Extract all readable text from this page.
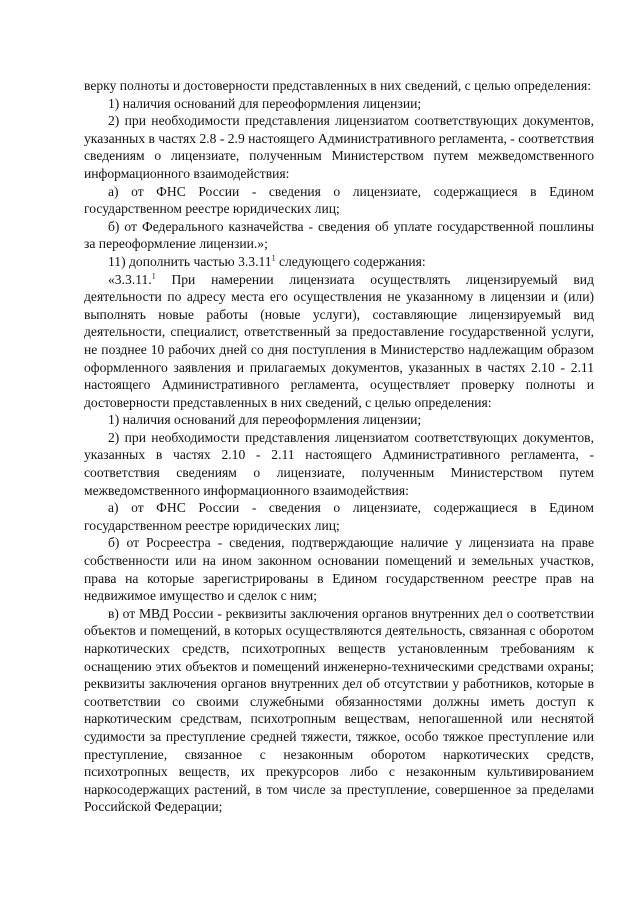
верку полноты и достоверности представленных в них сведений, с целью определения:

1) наличия оснований для переоформления лицензии;

2) при необходимости представления лицензиатом соответствующих документов, указанных в частях 2.8 - 2.9 настоящего Административного регламента, - соответствия сведениям о лицензиате, полученным Министерством путем межведомственного информационного взаимодействия:

а) от ФНС России - сведения о лицензиате, содержащиеся в Едином государственном реестре юридических лиц;

б) от Федерального казначейства - сведения об уплате государственной пошлины за переоформление лицензии.»;

11) дополнить частью 3.3.11$^1$ следующего содержания:

«3.3.11.$^1$ При намерении лицензиата осуществлять лицензируемый вид деятельности по адресу места его осуществления не указанному в лицензии и (или) выполнять новые работы (новые услуги), составляющие лицензируемый вид деятельности, специалист, ответственный за предоставление государственной услуги, не позднее 10 рабочих дней со дня поступления в Министерство надлежащим образом оформленного заявления и прилагаемых документов, указанных в частях 2.10 - 2.11 настоящего Административного регламента, осуществляет проверку полноты и достоверности представленных в них сведений, с целью определения:

1) наличия оснований для переоформления лицензии;

2) при необходимости представления лицензиатом соответствующих документов, указанных в частях 2.10 - 2.11 настоящего Административного регламента, - соответствия сведениям о лицензиате, полученным Министерством путем межведомственного информационного взаимодействия:

а) от ФНС России - сведения о лицензиате, содержащиеся в Едином государственном реестре юридических лиц;

б) от Росреестра - сведения, подтверждающие наличие у лицензиата на праве собственности или на ином законном основании помещений и земельных участков, права на которые зарегистрированы в Едином государственном реестре прав на недвижимое имущество и сделок с ним;

в) от МВД России - реквизиты заключения органов внутренних дел о соответствии объектов и помещений, в которых осуществляются деятельность, связанная с оборотом наркотических средств, психотропных веществ установленным требованиям к оснащению этих объектов и помещений инженерно-техническими средствами охраны; реквизиты заключения органов внутренних дел об отсутствии у работников, которые в соответствии со своими служебными обязанностями должны иметь доступ к наркотическим средствам, психотропным веществам, непогашенной или неснятой судимости за преступление средней тяжести, тяжкое, особо тяжкое преступление или преступление, связанное с незаконным оборотом наркотических средств, психотропных веществ, их прекурсоров либо с незаконным культивированием наркосодержащих растений, в том числе за преступление, совершенное за пределами Российской Федерации;
